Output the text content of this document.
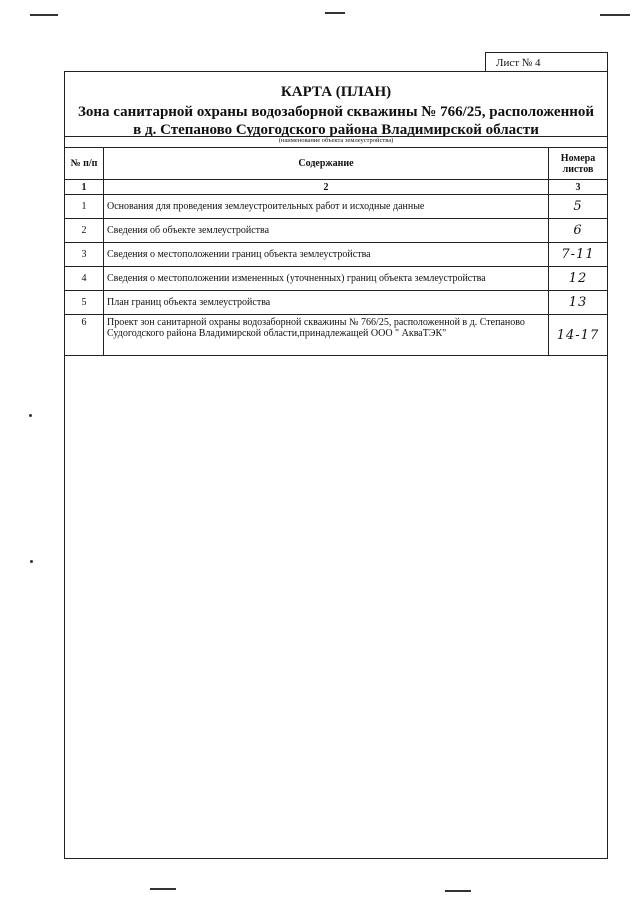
Лист № 4
КАРТА (ПЛАН)
Зона санитарной охраны водозаборной скважины № 766/25, расположенной в д. Степаново Судогодского района Владимирской области
(наименование объекта землеустройства)
№ п/п	Содержание	Номера листов
1	2	3
1	Основания для проведения землеустроительных работ и исходные данные	5
2	Сведения об объекте землеустройства	6
3	Сведения о местоположении границ объекта землеустройства	7-11
4	Сведения о местоположении измененных (уточненных) границ объекта землеустройства	12
5	План границ объекта землеустройства	13
6	Проект зон санитарной охраны водозаборной скважины № 766/25, расположенной в д. Степаново Судогодского района Владимирской области,принадлежащей ООО " АкваТЭК"	14-17
